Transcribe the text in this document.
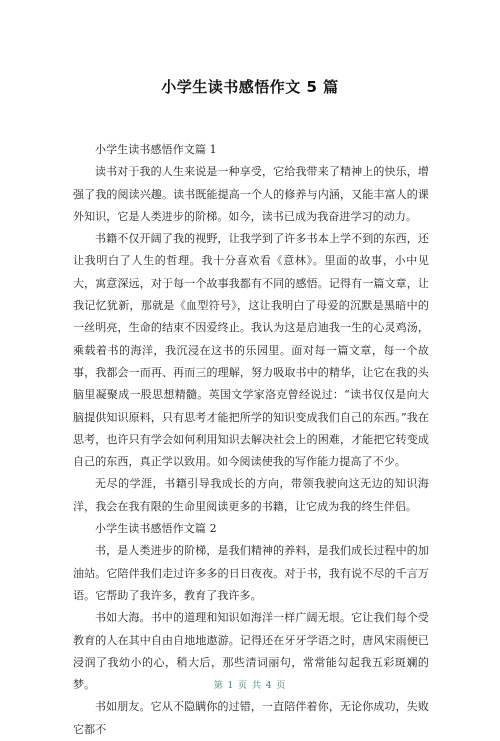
小学生读书感悟作文 5 篇

小学生读书感悟作文篇 1

读书对于我的人生来说是一种享受，它给我带来了精神上的快乐，增强了我的阅读兴趣。读书既能提高一个人的修养与内涵，又能丰富人的课外知识，它是人类进步的阶梯。如今，读书已成为我奋进学习的动力。

书籍不仅开阔了我的视野，让我学到了许多书本上学不到的东西，还让我明白了人生的哲理。我十分喜欢看《意林》。里面的故事，小中见大，寓意深远，对于每一个故事我都有不同的感悟。记得有一篇文章，让我记忆犹新，那就是《血型符号》，这让我明白了母爱的沉默是黑暗中的一丝明亮，生命的结束不因爱终止。我认为这是启迪我一生的心灵鸡汤，乘载着书的海洋，我沉浸在这书的乐园里。面对每一篇文章，每一个故事，我都会一而再、再而三的理解，努力吸取书中的精华，让它在我的头脑里凝聚成一股思想精髓。英国文学家洛克曾经说过：“读书仅仅是向大脑提供知识原料，只有思考才能把所学的知识变成我们自己的东西。”我在思考，也许只有学会如何利用知识去解决社会上的困难，才能把它转变成自己的东西，真正学以致用。如今阅读使我的写作能力提高了不少。

无尽的学涯，书籍引导我成长的方向，带领我驶向这无边的知识海洋，我会在我有限的生命里阅读更多的书籍，让它成为我的终生伴侣。

小学生读书感悟作文篇 2

书，是人类进步的阶梯，是我们精神的养料，是我们成长过程中的加油站。它陪伴我们走过许多多的日日夜夜。对于书，我有说不尽的千言万语。它帮助了我许多，教育了我许多。

书如大海。书中的道理和知识如海洋一样广阔无垠。它让我们每个受教育的人在其中自由自地地遨游。记得还在牙牙学语之时，唐风宋雨便已浸润了我幼小的心，稍大后，那些清词丽句，常常能勾起我五彩斑斓的梦。

书如朋友。它从不隐瞒你的过错，一直陪伴着你，无论你成功，失败它都不

第 1 页 共 4 页
